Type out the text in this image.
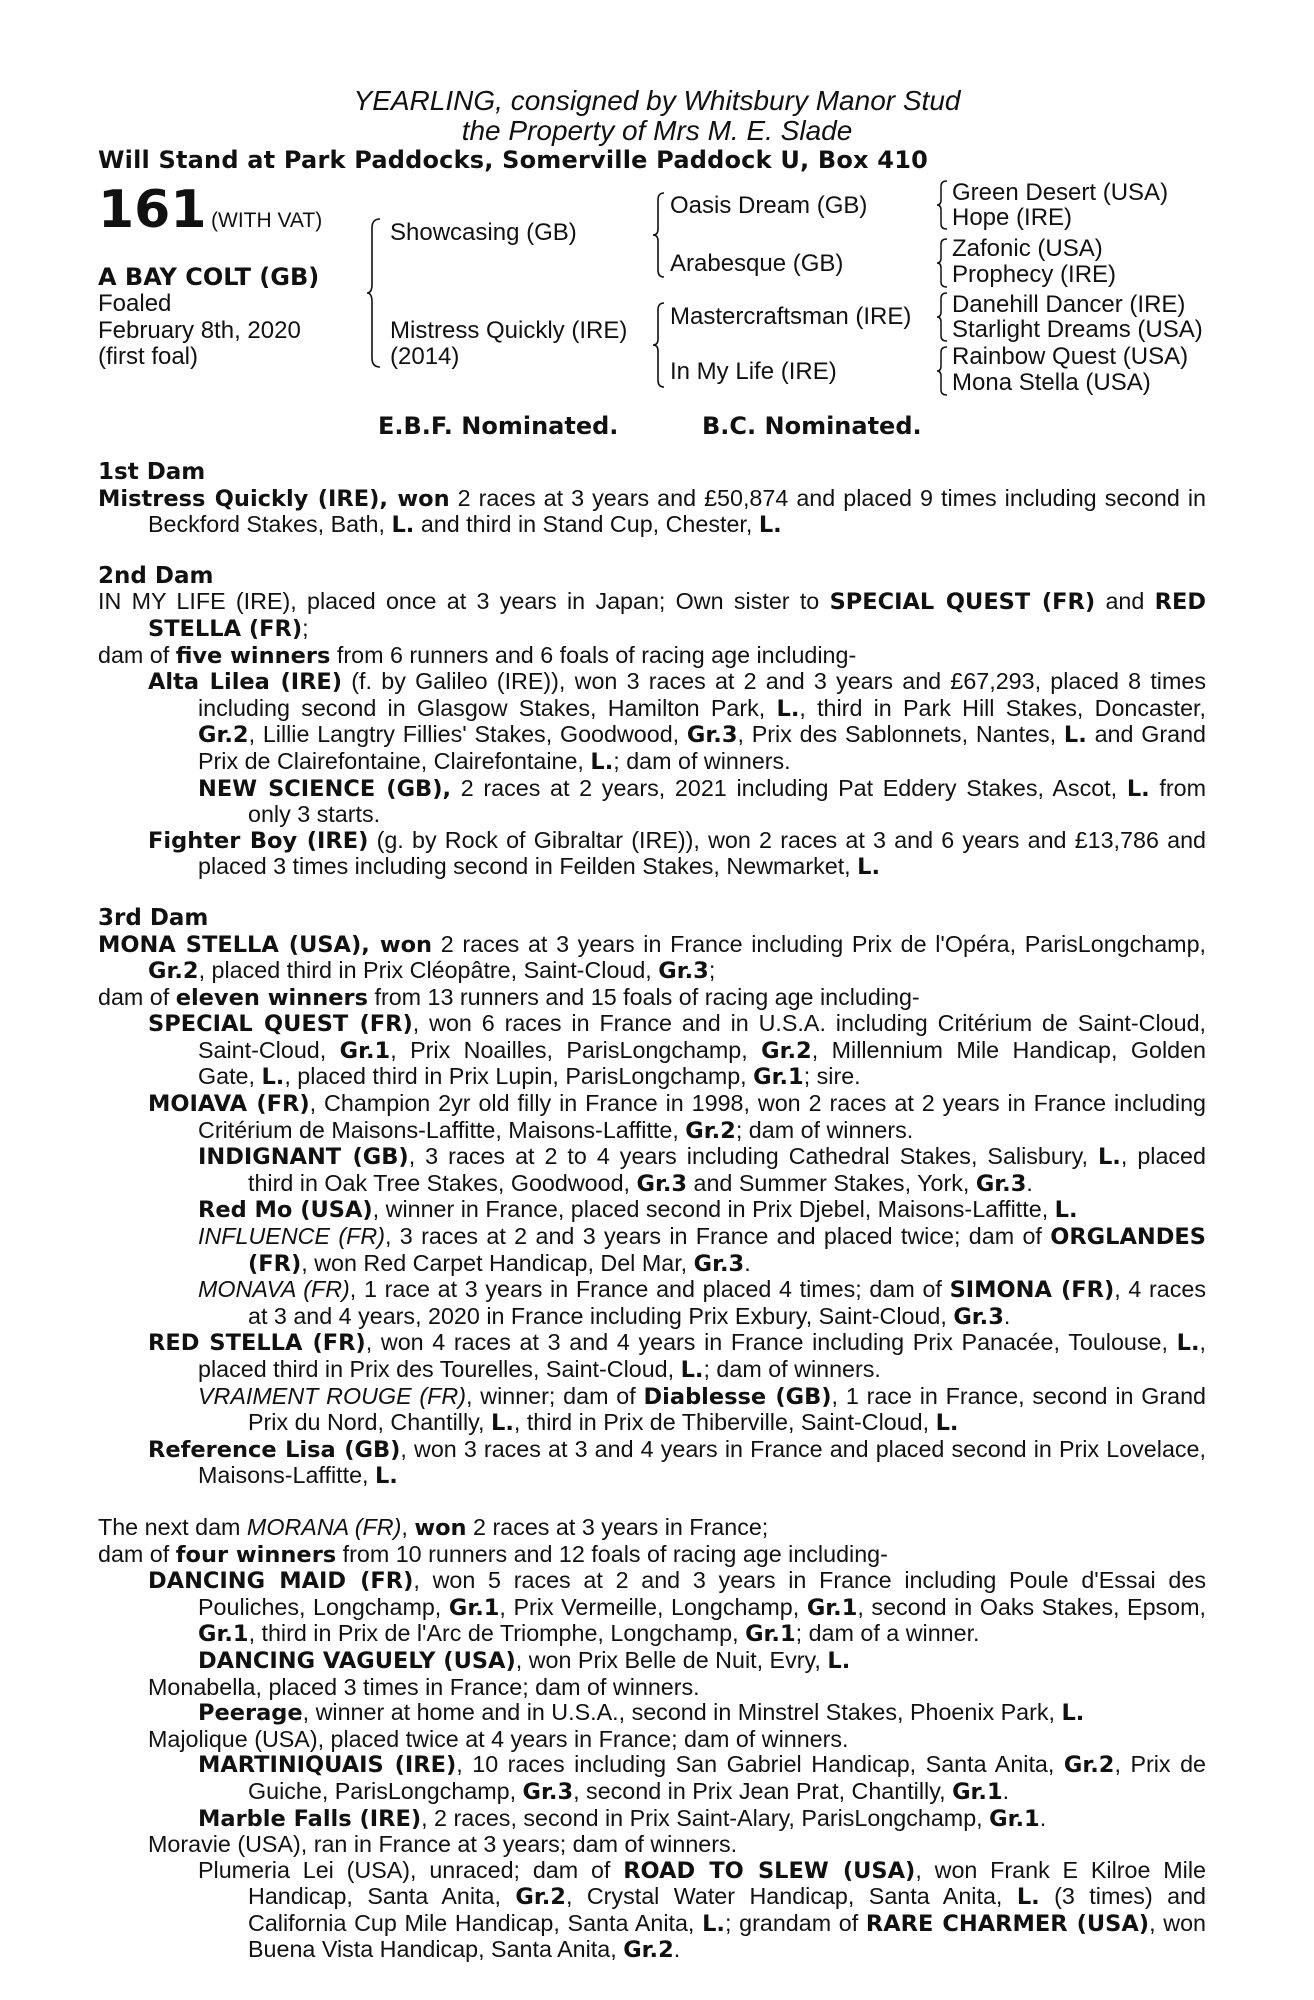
YEARLING, consigned by Whitsbury Manor Stud
the Property of Mrs M. E. Slade
Will Stand at Park Paddocks, Somerville Paddock U, Box 410
161 (WITH VAT)
A BAY COLT (GB)
Foaled
February 8th, 2020
(first foal)
Showcasing (GB)
Mistress Quickly (IRE)
(2014)
Oasis Dream (GB)
Arabesque (GB)
Mastercraftsman (IRE)
In My Life (IRE)
Green Desert (USA)
Hope (IRE)
Zafonic (USA)
Prophecy (IRE)
Danehill Dancer (IRE)
Starlight Dreams (USA)
Rainbow Quest (USA)
Mona Stella (USA)
E.B.F. Nominated.	B.C. Nominated.
1st Dam
Mistress Quickly (IRE), won 2 races at 3 years and £50,874 and placed 9 times including second in Beckford Stakes, Bath, L. and third in Stand Cup, Chester, L.
2nd Dam
IN MY LIFE (IRE), placed once at 3 years in Japan; Own sister to SPECIAL QUEST (FR) and RED STELLA (FR);
dam of five winners from 6 runners and 6 foals of racing age including-
Alta Lilea (IRE) (f. by Galileo (IRE)), won 3 races at 2 and 3 years and £67,293, placed 8 times including second in Glasgow Stakes, Hamilton Park, L., third in Park Hill Stakes, Doncaster, Gr.2, Lillie Langtry Fillies' Stakes, Goodwood, Gr.3, Prix des Sablonnets, Nantes, L. and Grand Prix de Clairefontaine, Clairefontaine, L.; dam of winners.
NEW SCIENCE (GB), 2 races at 2 years, 2021 including Pat Eddery Stakes, Ascot, L. from only 3 starts.
Fighter Boy (IRE) (g. by Rock of Gibraltar (IRE)), won 2 races at 3 and 6 years and £13,786 and placed 3 times including second in Feilden Stakes, Newmarket, L.
3rd Dam
MONA STELLA (USA), won 2 races at 3 years in France including Prix de l'Opéra, ParisLongchamp, Gr.2, placed third in Prix Cléopâtre, Saint-Cloud, Gr.3;
dam of eleven winners from 13 runners and 15 foals of racing age including-
SPECIAL QUEST (FR), won 6 races in France and in U.S.A. including Critérium de Saint-Cloud, Saint-Cloud, Gr.1, Prix Noailles, ParisLongchamp, Gr.2, Millennium Mile Handicap, Golden Gate, L., placed third in Prix Lupin, ParisLongchamp, Gr.1; sire.
MOIAVA (FR), Champion 2yr old filly in France in 1998, won 2 races at 2 years in France including Critérium de Maisons-Laffitte, Maisons-Laffitte, Gr.2; dam of winners.
INDIGNANT (GB), 3 races at 2 to 4 years including Cathedral Stakes, Salisbury, L., placed third in Oak Tree Stakes, Goodwood, Gr.3 and Summer Stakes, York, Gr.3.
Red Mo (USA), winner in France, placed second in Prix Djebel, Maisons-Laffitte, L.
INFLUENCE (FR), 3 races at 2 and 3 years in France and placed twice; dam of ORGLANDES (FR), won Red Carpet Handicap, Del Mar, Gr.3.
MONAVA (FR), 1 race at 3 years in France and placed 4 times; dam of SIMONA (FR), 4 races at 3 and 4 years, 2020 in France including Prix Exbury, Saint-Cloud, Gr.3.
RED STELLA (FR), won 4 races at 3 and 4 years in France including Prix Panacée, Toulouse, L., placed third in Prix des Tourelles, Saint-Cloud, L.; dam of winners.
VRAIMENT ROUGE (FR), winner; dam of Diablesse (GB), 1 race in France, second in Grand Prix du Nord, Chantilly, L., third in Prix de Thiberville, Saint-Cloud, L.
Reference Lisa (GB), won 3 races at 3 and 4 years in France and placed second in Prix Lovelace, Maisons-Laffitte, L.
The next dam MORANA (FR), won 2 races at 3 years in France;
dam of four winners from 10 runners and 12 foals of racing age including-
DANCING MAID (FR), won 5 races at 2 and 3 years in France including Poule d'Essai des Pouliches, Longchamp, Gr.1, Prix Vermeille, Longchamp, Gr.1, second in Oaks Stakes, Epsom, Gr.1, third in Prix de l'Arc de Triomphe, Longchamp, Gr.1; dam of a winner.
DANCING VAGUELY (USA), won Prix Belle de Nuit, Evry, L.
Monabella, placed 3 times in France; dam of winners.
Peerage, winner at home and in U.S.A., second in Minstrel Stakes, Phoenix Park, L.
Majolique (USA), placed twice at 4 years in France; dam of winners.
MARTINIQUAIS (IRE), 10 races including San Gabriel Handicap, Santa Anita, Gr.2, Prix de Guiche, ParisLongchamp, Gr.3, second in Prix Jean Prat, Chantilly, Gr.1.
Marble Falls (IRE), 2 races, second in Prix Saint-Alary, ParisLongchamp, Gr.1.
Moravie (USA), ran in France at 3 years; dam of winners.
Plumeria Lei (USA), unraced; dam of ROAD TO SLEW (USA), won Frank E Kilroe Mile Handicap, Santa Anita, Gr.2, Crystal Water Handicap, Santa Anita, L. (3 times) and California Cup Mile Handicap, Santa Anita, L.; grandam of RARE CHARMER (USA), won Buena Vista Handicap, Santa Anita, Gr.2.
